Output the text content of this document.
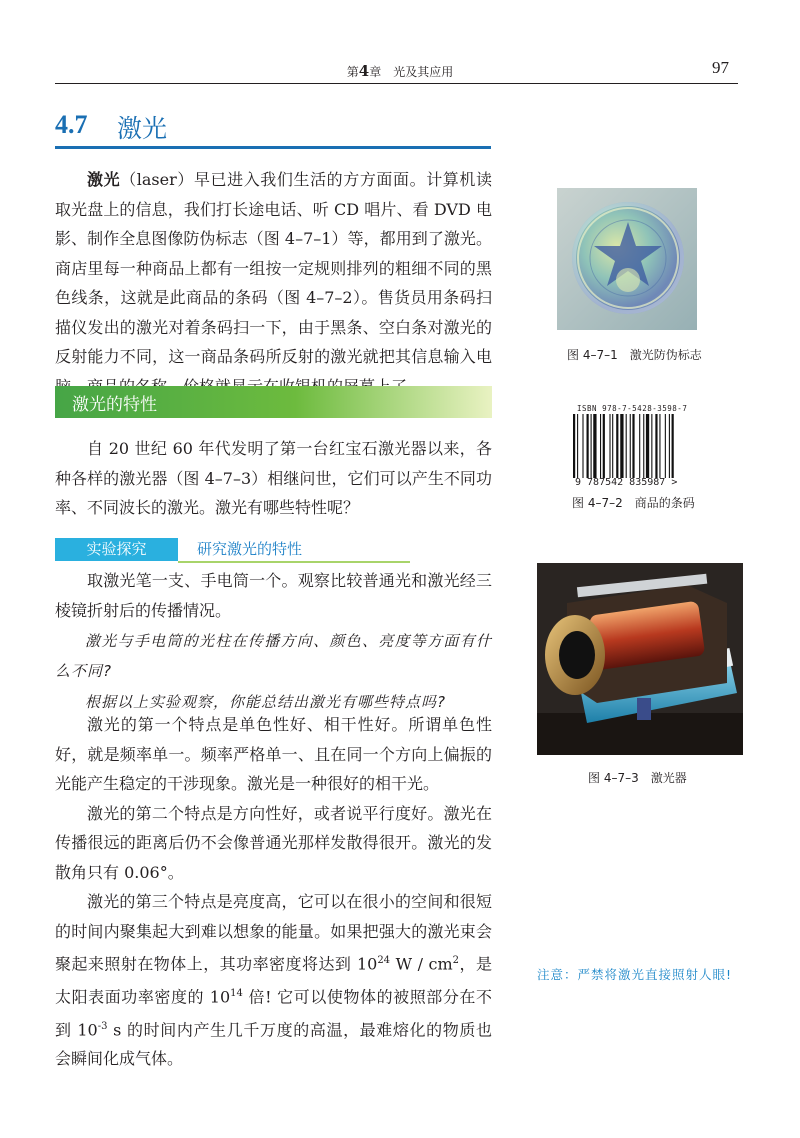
第4章　 光及其应用	97
4.7 激光

激光（laser）早已进入我们生活的方方面面。计算机读取光盘上的信息，我们打长途电话、听 CD 唱片、看 DVD 电影、制作全息图像防伪标志（图 4–7–1）等，都用到了激光。商店里每一种商品上都有一组按一定规则排列的粗细不同的黑色线条，这就是此商品的条码（图 4–7–2）。售货员用条码扫描仪发出的激光对着条码扫一下，由于黑条、空白条对激光的反射能力不同，这一商品条码所反射的激光就把其信息输入电

激光的特性

自 20 世纪 60 年代发明了第一台红宝石激光器以来，各种各样的激光器（图 4–7–3）相继问世，它们可以产生不同功率、不同波长的激光。激光有哪些特性呢？

实验探究	研究激光的特性

取激光笔一支、手电筒一个。观察比较普通光和激光经三棱镜折射后的传播情况。

激光与手电筒的光柱在传播方向、颜色、亮度等方面有什么不同?

根据以上实验观察，你能总结出激光有哪些特点吗?

激光的第一个特点是单色性好、相干性好。所谓单色性好，就是频率单一。频率严格单一、且在同一个方向上偏振的光能产生稳定的干涉现象。激光是一种很好的相干光。

激光的第二个特点是方向性好，或者说平行度好。激光在传播很远的距离后仍不会像普通光那样发散得很开。激光的发散角只有 0.06°。

激光的第三个特点是亮度高，它可以在很小的空间和很短的时间内聚集起大到难以想象的能量。如果把强大的激光束会聚起来照射在物体上，其功率密度将达到 $10^{24}$ W / $cm^2$，是太阳表面功率密度的 $10^{14}$ 倍! 它可以使物体的被照部分在不到 $10^{-3}$ s 的时间内产生几千万度的高温，最难熔化的物质也会瞬间化成气体。

图 4–7–1　激光防伪标志
ISBN 978-7-5428-3598-7
9 787542 835987 >
图 4–7–2　商品的条码
图 4–7–3　激光器
注意：严禁将激光直接照射人眼!
